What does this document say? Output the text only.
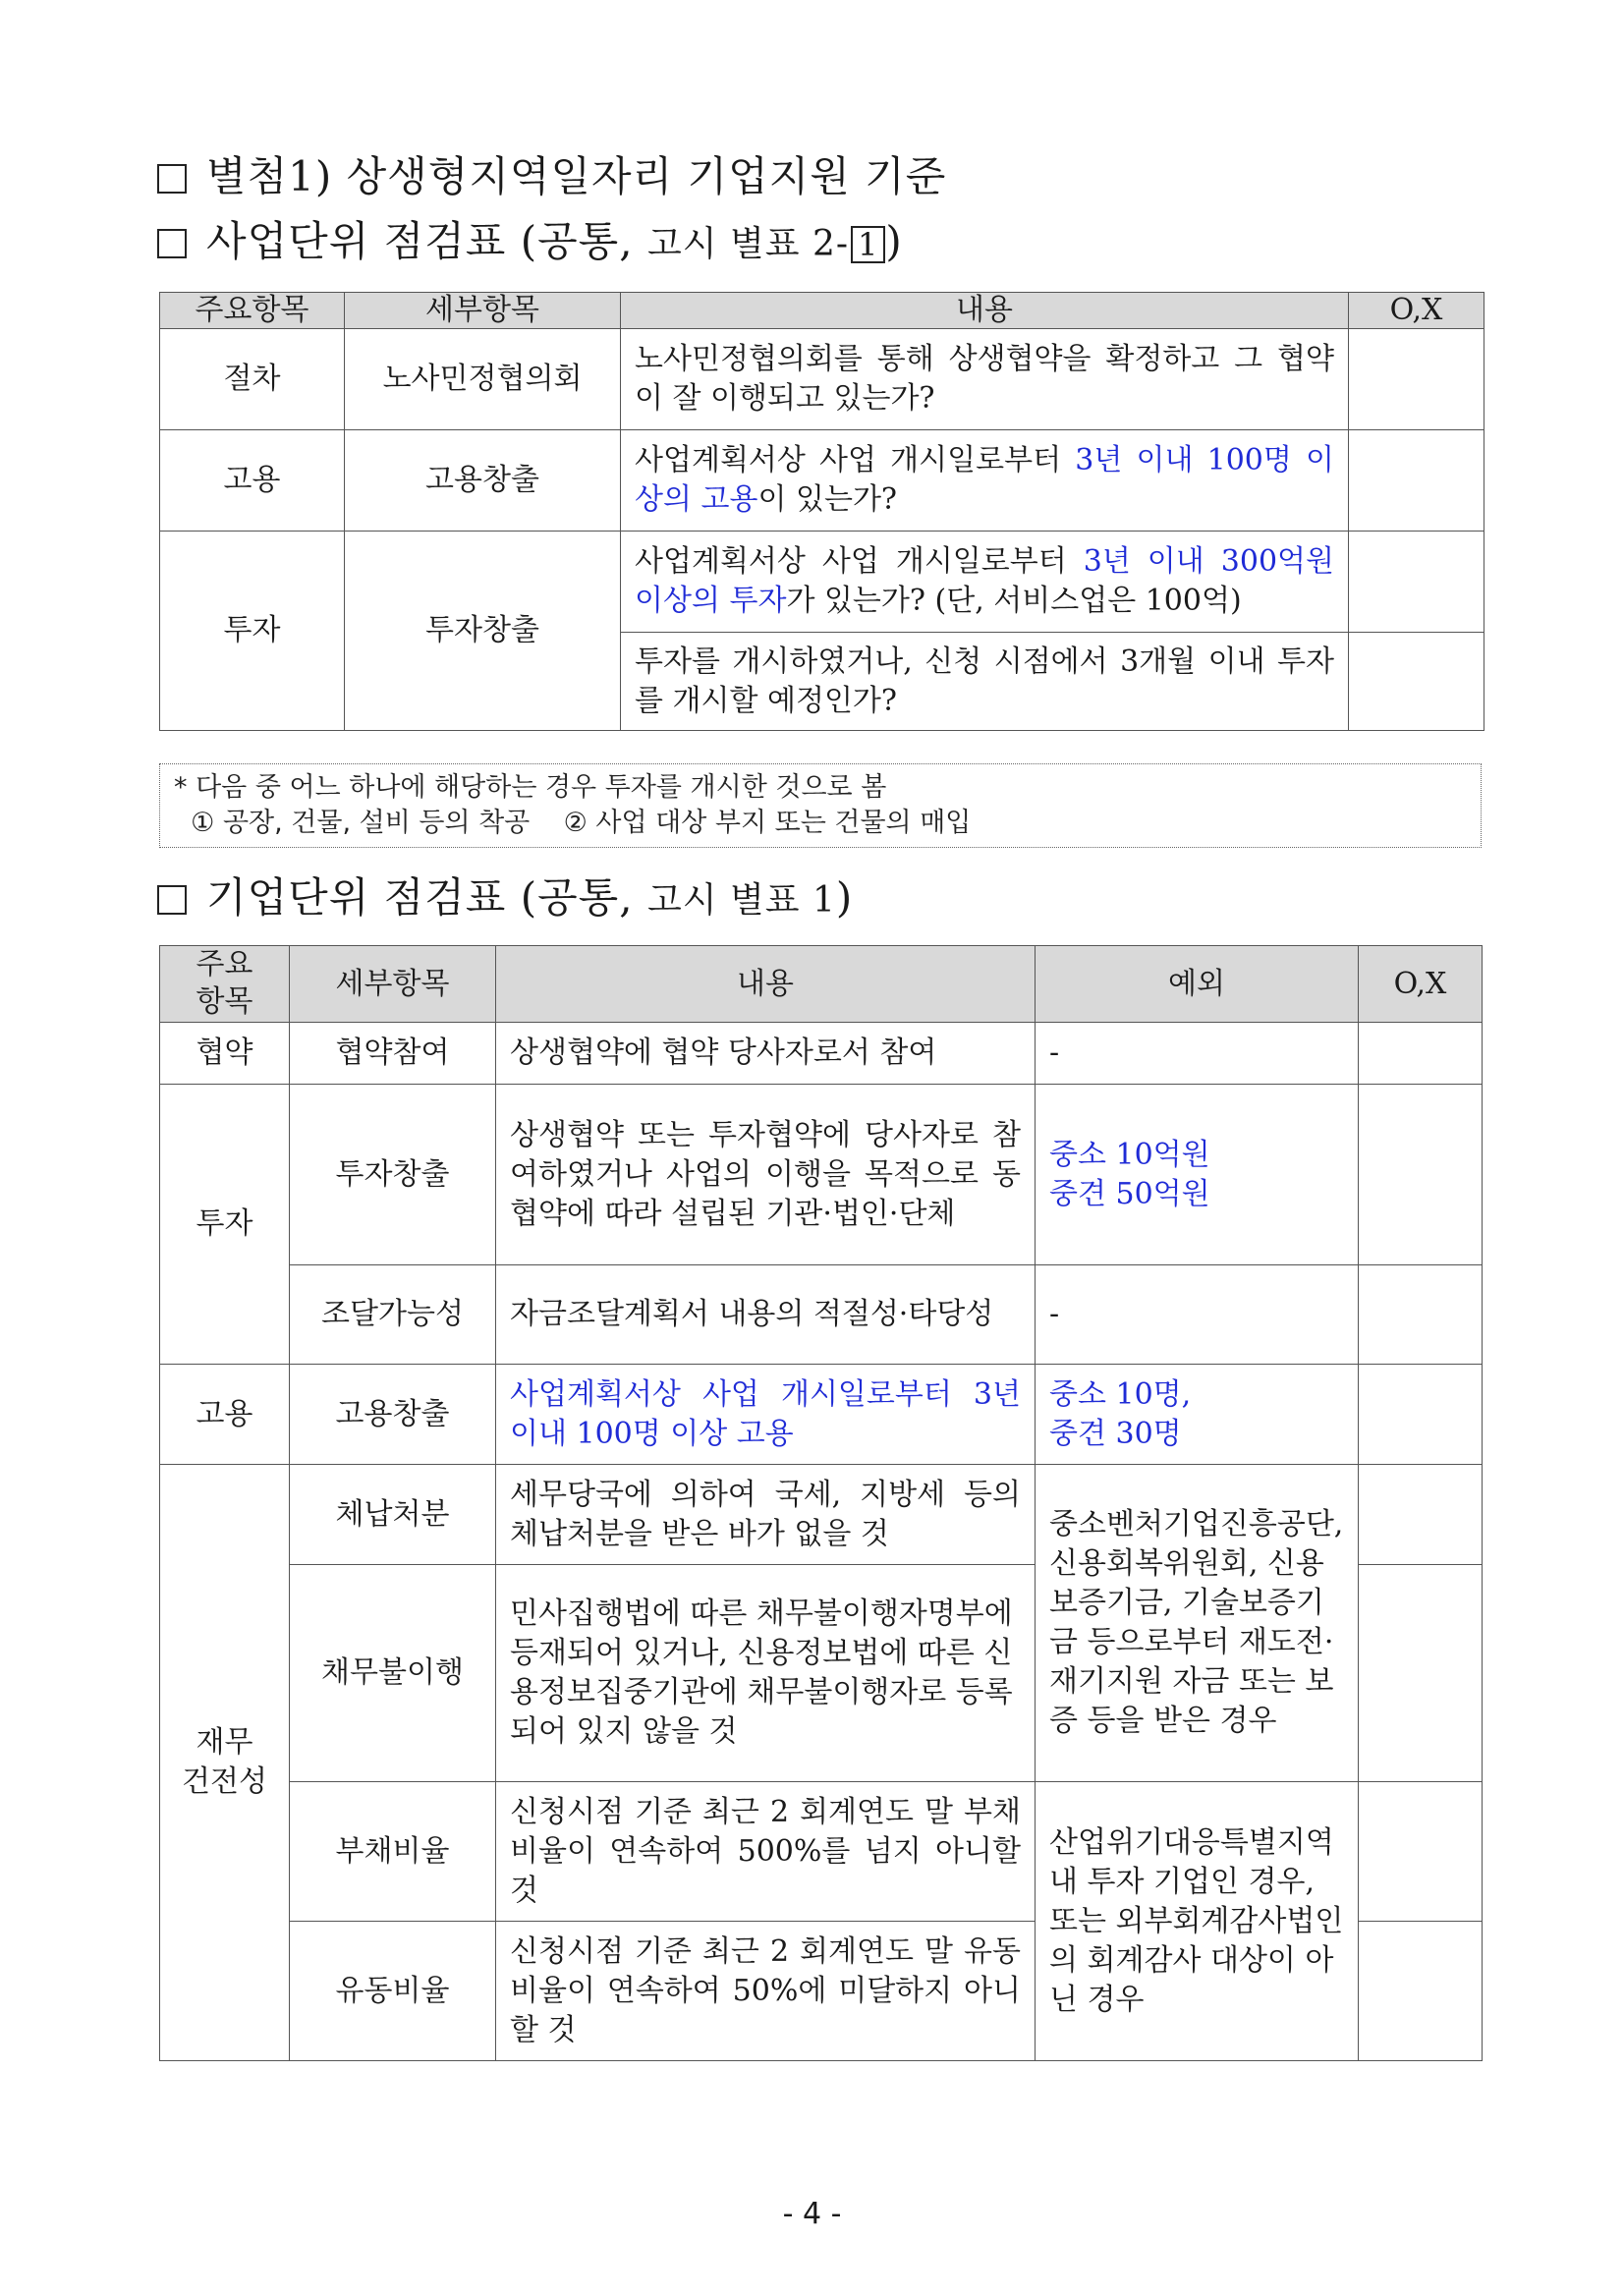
별첨1) 상생형지역일자리 기업지원 기준
사업단위 점검표 (공통, 고시 별표 2- 1 )
주요항목	세부항목	내용	O,X
절차	노사민정협의회	노사민정협의회를 통해 상생협약을 확정하고 그 협약이 잘 이행되고 있는가?	
고용	고용창출	사업계획서상 사업 개시일로부터 3년 이내 100명 이상의 고용이 있는가?	
투자	투자창출	사업계획서상 사업 개시일로부터 3년 이내 300억원 이상의 투자가 있는가? (단, 서비스업은 100억)	
		투자를 개시하였거나, 신청 시점에서 3개월 이내 투자를 개시할 예정인가?	
* 다음 중 어느 하나에 해당하는 경우 투자를 개시한 것으로 봄
① 공장, 건물, 설비 등의 착공    ② 사업 대상 부지 또는 건물의 매입
기업단위 점검표 (공통, 고시 별표 1)
주요항목	세부항목	내용	예외	O,X
협약	협약참여	상생협약에 협약 당사자로서 참여	-	
투자	투자창출	상생협약 또는 투자협약에 당사자로 참여하였거나 사업의 이행을 목적으로 동 협약에 따라 설립된 기관·법인·단체	중소 10억원
중견 50억원	

	조달가능성	자금조달계획서 내용의 적절성·타당성	-	
고용	고용창출	사업계획서상 사업 개시일로부터 3년 이내 100명 이상 고용	중소 10명,
중견 30명	

재무 건전성	체납처분	세무당국에 의하여 국세, 지방세 등의 체납처분을 받은 바가 없을 것	중소벤처기업진흥공단, 신용회복위원회, 신용보증기금, 기술보증기금 등으로부터 재도전·재기지원 자금 또는 보증 등을 받은 경우	
	채무불이행	민사집행법에 따른 채무불이행자명부에 등재되어 있거나, 신용정보법에 따른 신용정보집중기관에 채무불이행자로 등록되어 있지 않을 것		
	부채비율	신청시점 기준 최근 2 회계연도 말 부채비율이 연속하여 500%를 넘지 아니할 것	산업위기대응특별지역 내 투자 기업인 경우, 또는 외부회계감사법인의 회계감사 대상이 아닌 경우	
	유동비율	신청시점 기준 최근 2 회계연도 말 유동비율이 연속하여 50%에 미달하지 아니할 것		
- 4 -
